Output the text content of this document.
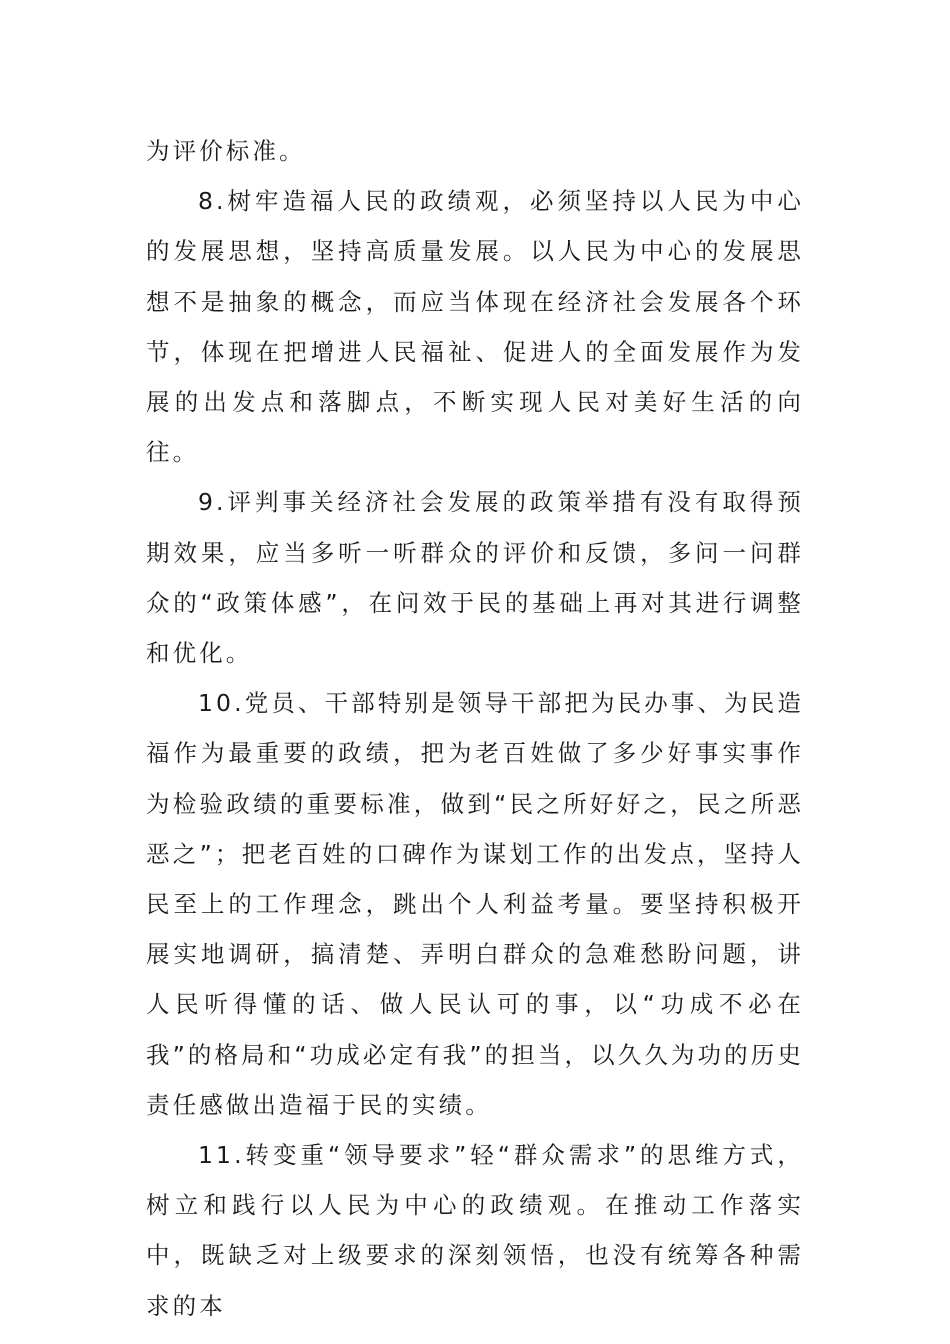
为评价标准。

8.树牢造福人民的政绩观，必须坚持以人民为中心的发展思想，坚持高质量发展。以人民为中心的发展思想不是抽象的概念，而应当体现在经济社会发展各个环节，体现在把增进人民福祉、促进人的全面发展作为发展的出发点和落脚点，不断实现人民对美好生活的向往。

9.评判事关经济社会发展的政策举措有没有取得预期效果，应当多听一听群众的评价和反馈，多问一问群众的“政策体感”，在问效于民的基础上再对其进行调整和优化。

10.党员、干部特别是领导干部把为民办事、为民造福作为最重要的政绩，把为老百姓做了多少好事实事作为检验政绩的重要标准，做到“民之所好好之，民之所恶恶之”；把老百姓的口碑作为谋划工作的出发点，坚持人民至上的工作理念，跳出个人利益考量。要坚持积极开展实地调研，搞清楚、弄明白群众的急难愁盼问题，讲人民听得懂的话、做人民认可的事，以“功成不必在我”的格局和“功成必定有我”的担当，以久久为功的历史责任感做出造福于民的实绩。

11.转变重“领导要求”轻“群众需求”的思维方式，树立和践行以人民为中心的政绩观。在推动工作落实中，既缺乏对上级要求的深刻领悟，也没有统筹各种需求的本
